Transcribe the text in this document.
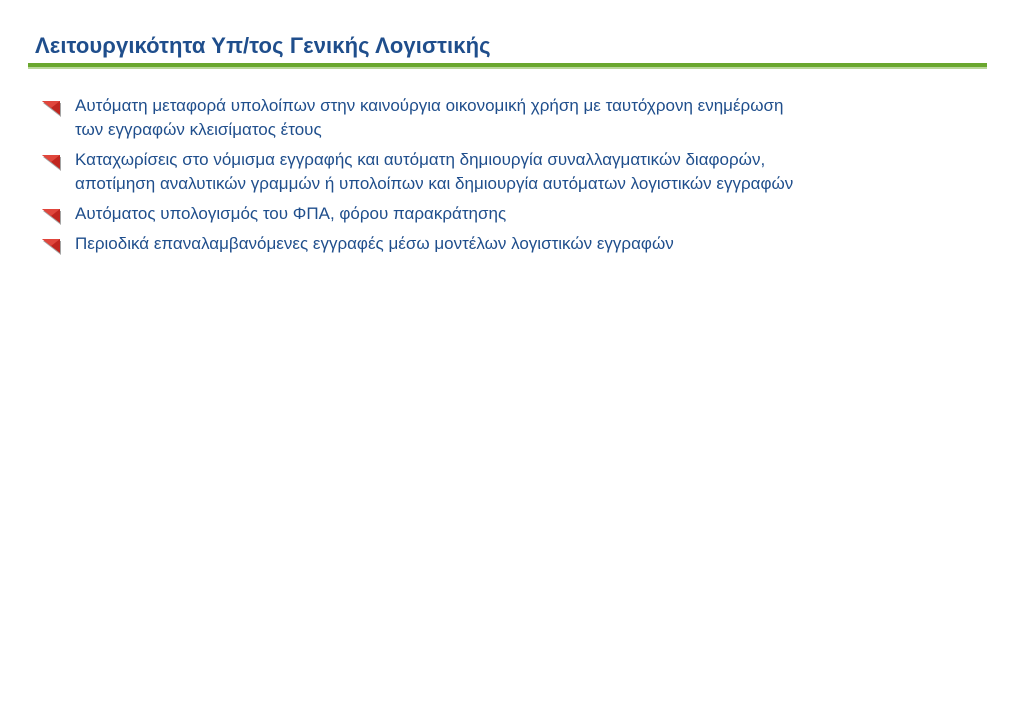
Λειτουργικότητα Υπ/τος Γενικής Λογιστικής
Αυτόματη μεταφορά υπολοίπων στην καινούργια οικονομική χρήση με ταυτόχρονη ενημέρωση
των εγγραφών κλεισίματος έτους
Καταχωρίσεις στο νόμισμα εγγραφής και αυτόματη δημιουργία συναλλαγματικών διαφορών,
αποτίμηση αναλυτικών γραμμών ή υπολοίπων και δημιουργία αυτόματων λογιστικών εγγραφών
Αυτόματος υπολογισμός του ΦΠΑ, φόρου παρακράτησης
Περιοδικά επαναλαμβανόμενες εγγραφές μέσω μοντέλων λογιστικών εγγραφών
